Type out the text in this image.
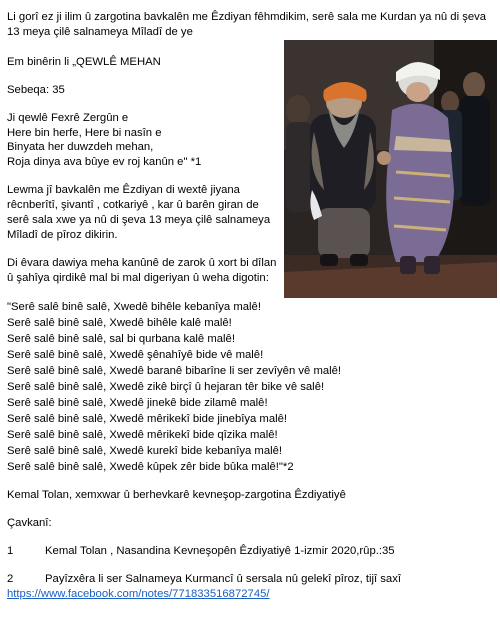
Li gorî ez ji ilim û zargotina bavkalên me Êzdiyan fêhmdikim, serê sala me Kurdan ya nû di şeva 13 meya çilê salnameya Mîladî de ye

Em binêrin li „QEWLÊ MEHAN

Sebeqa: 35

Ji qewlê Fexrê Zergûn e

Here bin herfe, Here bi nasîn e

Binyata her duwzdeh mehan,

Roja dinya ava bûye ev roj kanûn e" *1

Lewma jî bavkalên me Êzdiyan di wextê jiyana rêcnberîtî, şivantî , cotkariyê , kar û barên giran de serê sala xwe ya nû di şeva 13 meya çilê salnameya Mîladî de pîroz dikirin.

Di êvara dawiya meha kanûnê de zarok û xort bi dîlan û şahîya qirdikê mal bi mal digeriyan û weha digotin:

"Serê salê binê salê, Xwedê bihêle kebanîya malê!

Serê salê binê salê, Xwedê bihêle kalê malê!

Serê salê binê salê, sal bi qurbana kalê malê!

Serê salê binê salê, Xwedê şênahîyê bide vê malê!

Serê salê binê salê, Xwedê baranê bibarîne li ser zevîyên vê malê!

Serê salê binê salê, Xwedê zikê birçî û hejaran têr bike vê salê!

Serê salê binê salê, Xwedê jinekê bide zilamê malê!

Serê salê binê salê, Xwedê mêrikekî bide jinebîya malê!

Serê salê binê salê, Xwedê mêrikekî bide qîzika malê!

Serê salê binê salê, Xwedê kurekî bide kebanîya malê!

Serê salê binê salê, Xwedê kûpek zêr bide bûka malê!"*2

Kemal Tolan, xemxwar û berhevkarê kevneşop-zargotina Êzdiyatiyê

Çavkanî:

1	Kemal Tolan , Nasandina Kevneşopên Êzdiyatiyê 1-izmir 2020,rûp.:35
2	Payîzxêra li ser Salnameya Kurmancî û sersala nû gelekî pîroz, tijî saxî

https://www.facebook.com/notes/771833516872745/
